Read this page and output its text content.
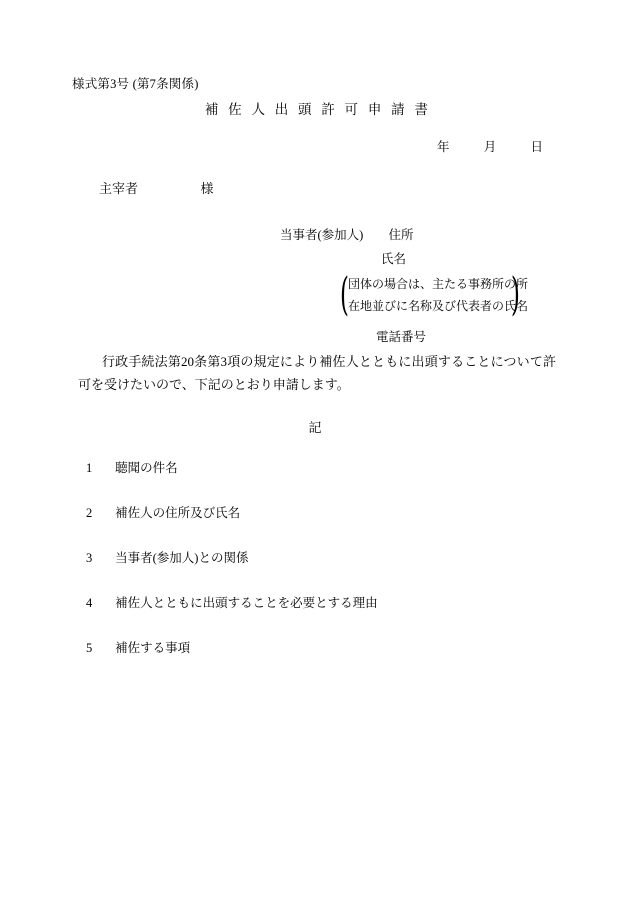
様式第3号 (第7条関係)
補 佐 人 出 頭 許 可 申 請 書
年	月	日
主宰者	様
当事者(参加人) 住所
氏名
(	)
団体の場合は、主たる事務所の所
在地並びに名称及び代表者の氏名
電話番号
行政手続法第20条第3項の規定により補佐人とともに出頭することについて許可を受けたいので、下記のとおり申請します。
記
1 聴聞の件名
2 補佐人の住所及び氏名
3 当事者(参加人)との関係
4 補佐人とともに出頭することを必要とする理由
5 補佐する事項
